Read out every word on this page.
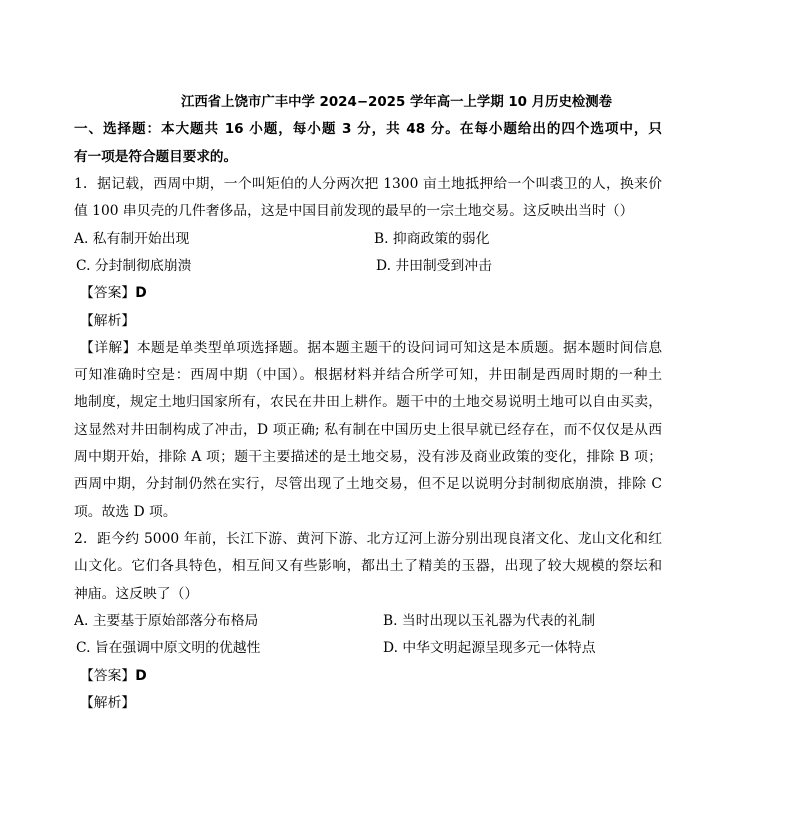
江西省上饶市广丰中学 2024−2025 学年高一上学期 10 月历史检测卷
一、选择题：本大题共 16 小题，每小题 3 分，共 48 分。在每小题给出的四个选项中，只
有一项是符合题目要求的。
1．据记载，西周中期，一个叫矩伯的人分两次把 1300 亩土地抵押给一个叫裘卫的人，换来价
值 100 串贝壳的几件奢侈品，这是中国目前发现的最早的一宗土地交易。这反映出当时（）
A. 私有制开始出现	B. 抑商政策的弱化
C. 分封制彻底崩溃	D. 井田制受到冲击
【答案】D
【解析】
【详解】本题是单类型单项选择题。据本题主题干的设问词可知这是本质题。据本题时间信息
可知准确时空是：西周中期（中国）。根据材料并结合所学可知，井田制是西周时期的一种土
地制度，规定土地归国家所有，农民在井田上耕作。题干中的土地交易说明土地可以自由买卖，
这显然对井田制构成了冲击，D 项正确; 私有制在中国历史上很早就已经存在，而不仅仅是从西
周中期开始，排除 A 项；题干主要描述的是土地交易，没有涉及商业政策的变化，排除 B 项；
西周中期，分封制仍然在实行，尽管出现了土地交易，但不足以说明分封制彻底崩溃，排除 C
项。故选 D 项。
2．距今约 5000 年前，长江下游、黄河下游、北方辽河上游分别出现良渚文化、龙山文化和红
山文化。它们各具特色，相互间又有些影响，都出土了精美的玉器，出现了较大规模的祭坛和
神庙。这反映了（）
A. 主要基于原始部落分布格局	B. 当时出现以玉礼器为代表的礼制
C. 旨在强调中原文明的优越性	D. 中华文明起源呈现多元一体特点
【答案】D
【解析】
